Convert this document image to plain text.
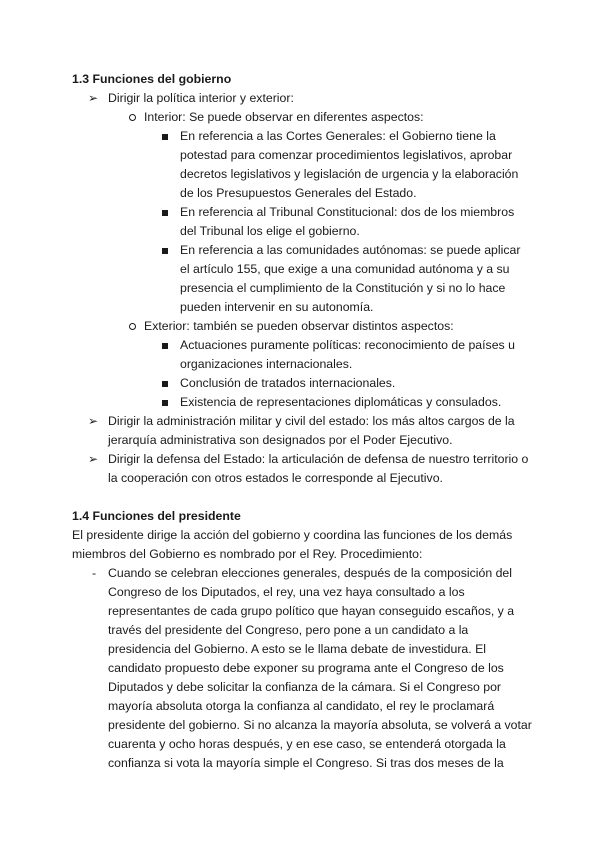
1.3 Funciones del gobierno

➢ Dirigir la política interior y exterior:
Interior: Se puede observar en diferentes aspectos:
En referencia a las Cortes Generales: el Gobierno tiene la potestad para comenzar procedimientos legislativos, aprobar decretos legislativos y legislación de urgencia y la elaboración de los Presupuestos Generales del Estado.
En referencia al Tribunal Constitucional: dos de los miembros del Tribunal los elige el gobierno.
En referencia a las comunidades autónomas: se puede aplicar el artículo 155, que exige a una comunidad autónoma y a su presencia el cumplimiento de la Constitución y si no lo hace pueden intervenir en su autonomía.
Exterior: también se pueden observar distintos aspectos:
Actuaciones puramente políticas: reconocimiento de países u organizaciones internacionales.
Conclusión de tratados internacionales.
Existencia de representaciones diplomáticas y consulados.
➢ Dirigir la administración militar y civil del estado: los más altos cargos de la jerarquía administrativa son designados por el Poder Ejecutivo.
➢ Dirigir la defensa del Estado: la articulación de defensa de nuestro territorio o la cooperación con otros estados le corresponde al Ejecutivo.

1.4 Funciones del presidente

El presidente dirige la acción del gobierno y coordina las funciones de los demás miembros del Gobierno es nombrado por el Rey. Procedimiento:

- Cuando se celebran elecciones generales, después de la composición del Congreso de los Diputados, el rey, una vez haya consultado a los representantes de cada grupo político que hayan conseguido escaños, y a través del presidente del Congreso, pero pone a un candidato a la presidencia del Gobierno. A esto se le llama debate de investidura. El candidato propuesto debe exponer su programa ante el Congreso de los Diputados y debe solicitar la confianza de la cámara. Si el Congreso por mayoría absoluta otorga la confianza al candidato, el rey le proclamará presidente del gobierno. Si no alcanza la mayoría absoluta, se volverá a votar cuarenta y ocho horas después, y en ese caso, se entenderá otorgada la confianza si vota la mayoría simple el Congreso. Si tras dos meses de la
